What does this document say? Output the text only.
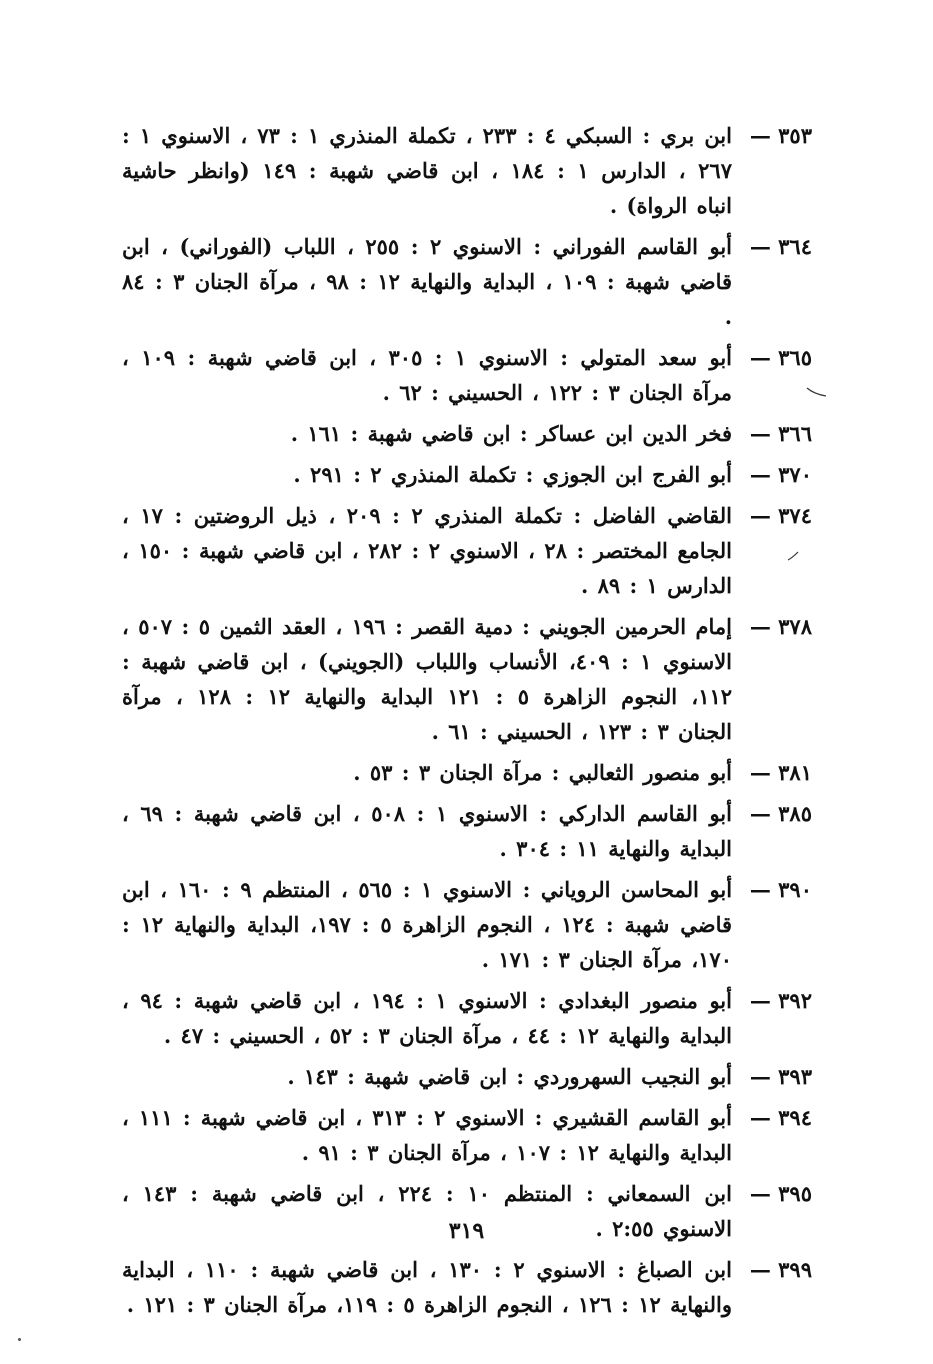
٣٥٣ —
ابن بري : السبكي ٤ : ٢٣٣ ، تكملة المنذري ١ : ٧٣ ، الاسنوي ١ : ٢٦٧ ، الدارس ١ : ١٨٤ ، ابن قاضي شهبة : ١٤٩ (وانظر حاشية انباه الرواة) .
٣٦٤ —
أبو القاسم الفوراني : الاسنوي ٢ : ٢٥٥ ، اللباب (الفوراني) ، ابن قاضي شهبة : ١٠٩ ، البداية والنهاية ١٢ : ٩٨ ، مرآة الجنان ٣ : ٨٤ .
٣٦٥ —
أبو سعد المتولي : الاسنوي ١ : ٣٠٥ ، ابن قاضي شهبة : ١٠٩ ، مرآة الجنان ٣ : ١٢٢ ، الحسيني : ٦٢ .
٣٦٦ —
فخر الدين ابن عساكر : ابن قاضي شهبة : ١٦١ .
٣٧٠ —
أبو الفرج ابن الجوزي : تكملة المنذري ٢ : ٢٩١ .
٣٧٤ —
القاضي الفاضل : تكملة المنذري ٢ : ٢٠٩ ، ذيل الروضتين : ١٧ ، الجامع المختصر : ٢٨ ، الاسنوي ٢ : ٢٨٢ ، ابن قاضي شهبة : ١٥٠ ، الدارس ١ : ٨٩ .
٣٧٨ —
إمام الحرمين الجويني : دمية القصر : ١٩٦ ، العقد الثمين ٥ : ٥٠٧ ، الاسنوي ١ : ٤٠٩، الأنساب واللباب (الجويني) ، ابن قاضي شهبة : ١١٢، النجوم الزاهرة ٥ : ١٢١ البداية والنهاية ١٢ : ١٢٨ ، مرآة الجنان ٣ : ١٢٣ ، الحسيني : ٦١ .
٣٨١ —
أبو منصور الثعالبي : مرآة الجنان ٣ : ٥٣ .
٣٨٥ —
أبو القاسم الداركي : الاسنوي ١ : ٥٠٨ ، ابن قاضي شهبة : ٦٩ ، البداية والنهاية ١١ : ٣٠٤ .
٣٩٠ —
أبو المحاسن الروياني : الاسنوي ١ : ٥٦٥ ، المنتظم ٩ : ١٦٠ ، ابن قاضي شهبة : ١٢٤ ، النجوم الزاهرة ٥ : ١٩٧، البداية والنهاية ١٢ : ١٧٠، مرآة الجنان ٣ : ١٧١ .
٣٩٢ —
أبو منصور البغدادي : الاسنوي ١ : ١٩٤ ، ابن قاضي شهبة : ٩٤ ، البداية والنهاية ١٢ : ٤٤ ، مرآة الجنان ٣ : ٥٢ ، الحسيني : ٤٧ .
٣٩٣ —
أبو النجيب السهروردي : ابن قاضي شهبة : ١٤٣ .
٣٩٤ —
أبو القاسم القشيري : الاسنوي ٢ : ٣١٣ ، ابن قاضي شهبة : ١١١ ، البداية والنهاية ١٢ : ١٠٧ ، مرآة الجنان ٣ : ٩١ .
٣٩٥ —
ابن السمعاني : المنتظم ١٠ : ٢٢٤ ، ابن قاضي شهبة : ١٤٣ ، الاسنوي ٢:٥٥ .
٣٩٩ —
ابن الصباغ : الاسنوي ٢ : ١٣٠ ، ابن قاضي شهبة : ١١٠ ، البداية والنهاية ١٢ : ١٢٦ ، النجوم الزاهرة ٥ : ١١٩، مرآة الجنان ٣ : ١٢١ .
٣١٩
